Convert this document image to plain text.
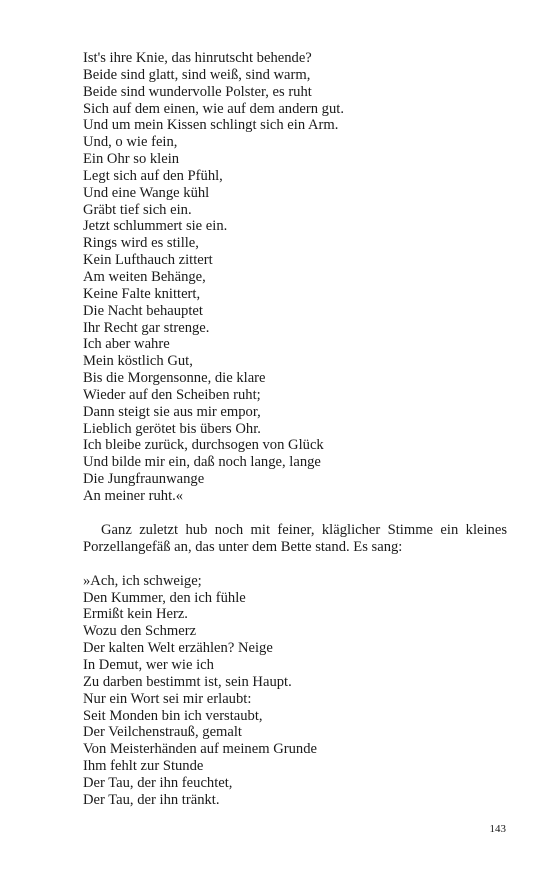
Ist's ihre Knie, das hinrutscht behende?
Beide sind glatt, sind weiß, sind warm,
Beide sind wundervolle Polster, es ruht
Sich auf dem einen, wie auf dem andern gut.
Und um mein Kissen schlingt sich ein Arm.
Und, o wie fein,
Ein Ohr so klein
Legt sich auf den Pfühl,
Und eine Wange kühl
Gräbt tief sich ein.
Jetzt schlummert sie ein.
Rings wird es stille,
Kein Lufthauch zittert
Am weiten Behänge,
Keine Falte knittert,
Die Nacht behauptet
Ihr Recht gar strenge.
Ich aber wahre
Mein köstlich Gut,
Bis die Morgensonne, die klare
Wieder auf den Scheiben ruht;
Dann steigt sie aus mir empor,
Lieblich gerötet bis übers Ohr.
Ich bleibe zurück, durchsogen von Glück
Und bilde mir ein, daß noch lange, lange
Die Jungfraunwange
An meiner ruht.«

Ganz zuletzt hub noch mit feiner, kläglicher Stimme ein kleines Porzellangefäß an, das unter dem Bette stand. Es sang:

»Ach, ich schweige;
Den Kummer, den ich fühle
Ermißt kein Herz.
Wozu den Schmerz
Der kalten Welt erzählen? Neige
In Demut, wer wie ich
Zu darben bestimmt ist, sein Haupt.
Nur ein Wort sei mir erlaubt:
Seit Monden bin ich verstaubt,
Der Veilchenstrauß, gemalt
Von Meisterhänden auf meinem Grunde
Ihm fehlt zur Stunde
Der Tau, der ihn feuchtet,
Der Tau, der ihn tränkt.
143
